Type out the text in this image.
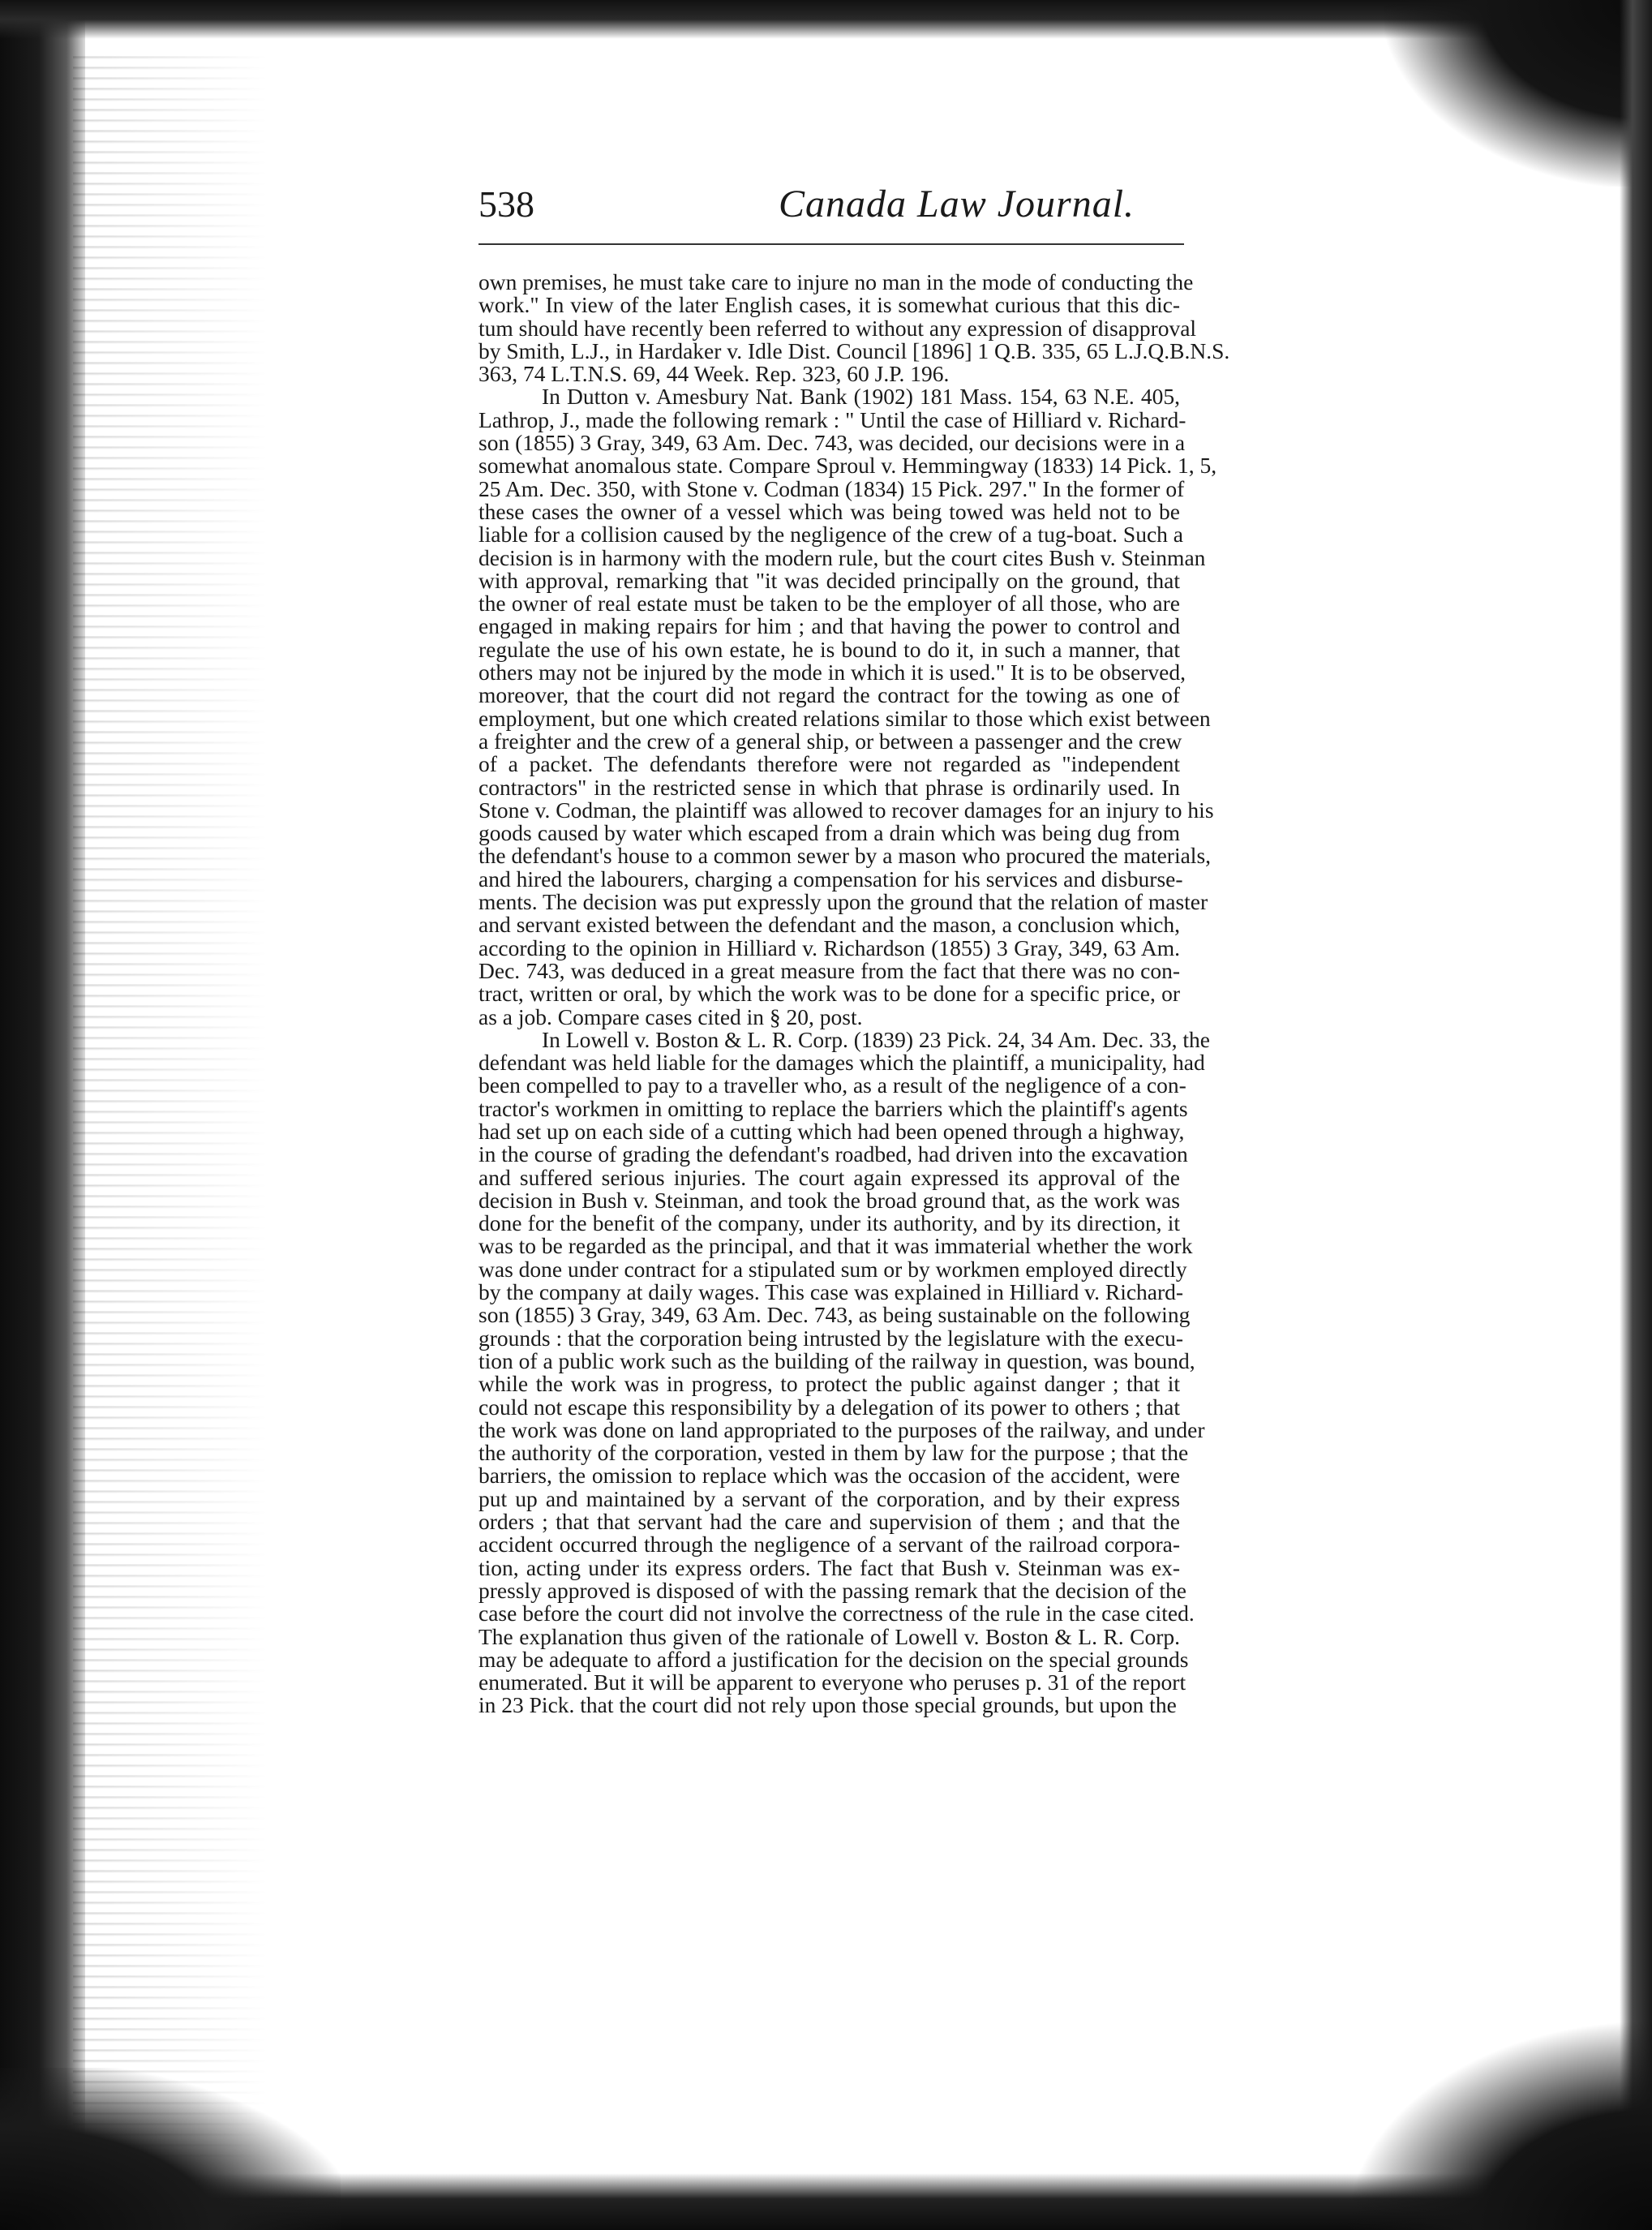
538	Canada Law Journal.
own premises, he must take care to injure no man in the mode of conducting the
work." In view of the later English cases, it is somewhat curious that this dic-
tum should have recently been referred to without any expression of disapproval
by Smith, L.J., in Hardaker v. Idle Dist. Council [1896] 1 Q.B. 335, 65 L.J.Q.B.N.S.
363, 74 L.T.N.S. 69, 44 Week. Rep. 323, 60 J.P. 196.
In Dutton v. Amesbury Nat. Bank (1902) 181 Mass. 154, 63 N.E. 405,
Lathrop, J., made the following remark : " Until the case of Hilliard v. Richard-
son (1855) 3 Gray, 349, 63 Am. Dec. 743, was decided, our decisions were in a
somewhat anomalous state. Compare Sproul v. Hemmingway (1833) 14 Pick. 1, 5,
25 Am. Dec. 350, with Stone v. Codman (1834) 15 Pick. 297." In the former of
these cases the owner of a vessel which was being towed was held not to be
liable for a collision caused by the negligence of the crew of a tug-boat. Such a
decision is in harmony with the modern rule, but the court cites Bush v. Steinman
with approval, remarking that "it was decided principally on the ground, that
the owner of real estate must be taken to be the employer of all those, who are
engaged in making repairs for him ; and that having the power to control and
regulate the use of his own estate, he is bound to do it, in such a manner, that
others may not be injured by the mode in which it is used." It is to be observed,
moreover, that the court did not regard the contract for the towing as one of
employment, but one which created relations similar to those which exist between
a freighter and the crew of a general ship, or between a passenger and the crew
of a packet. The defendants therefore were not regarded as "independent
contractors" in the restricted sense in which that phrase is ordinarily used. In
Stone v. Codman, the plaintiff was allowed to recover damages for an injury to his
goods caused by water which escaped from a drain which was being dug from
the defendant's house to a common sewer by a mason who procured the materials,
and hired the labourers, charging a compensation for his services and disburse-
ments. The decision was put expressly upon the ground that the relation of master
and servant existed between the defendant and the mason, a conclusion which,
according to the opinion in Hilliard v. Richardson (1855) 3 Gray, 349, 63 Am.
Dec. 743, was deduced in a great measure from the fact that there was no con-
tract, written or oral, by which the work was to be done for a specific price, or
as a job. Compare cases cited in § 20, post.
In Lowell v. Boston & L. R. Corp. (1839) 23 Pick. 24, 34 Am. Dec. 33, the
defendant was held liable for the damages which the plaintiff, a municipality, had
been compelled to pay to a traveller who, as a result of the negligence of a con-
tractor's workmen in omitting to replace the barriers which the plaintiff's agents
had set up on each side of a cutting which had been opened through a highway,
in the course of grading the defendant's roadbed, had driven into the excavation
and suffered serious injuries. The court again expressed its approval of the
decision in Bush v. Steinman, and took the broad ground that, as the work was
done for the benefit of the company, under its authority, and by its direction, it
was to be regarded as the principal, and that it was immaterial whether the work
was done under contract for a stipulated sum or by workmen employed directly
by the company at daily wages. This case was explained in Hilliard v. Richard-
son (1855) 3 Gray, 349, 63 Am. Dec. 743, as being sustainable on the following
grounds : that the corporation being intrusted by the legislature with the execu-
tion of a public work such as the building of the railway in question, was bound,
while the work was in progress, to protect the public against danger ; that it
could not escape this responsibility by a delegation of its power to others ; that
the work was done on land appropriated to the purposes of the railway, and under
the authority of the corporation, vested in them by law for the purpose ; that the
barriers, the omission to replace which was the occasion of the accident, were
put up and maintained by a servant of the corporation, and by their express
orders ; that that servant had the care and supervision of them ; and that the
accident occurred through the negligence of a servant of the railroad corpora-
tion, acting under its express orders. The fact that Bush v. Steinman was ex-
pressly approved is disposed of with the passing remark that the decision of the
case before the court did not involve the correctness of the rule in the case cited.
The explanation thus given of the rationale of Lowell v. Boston & L. R. Corp.
may be adequate to afford a justification for the decision on the special grounds
enumerated. But it will be apparent to everyone who peruses p. 31 of the report
in 23 Pick. that the court did not rely upon those special grounds, but upon the
